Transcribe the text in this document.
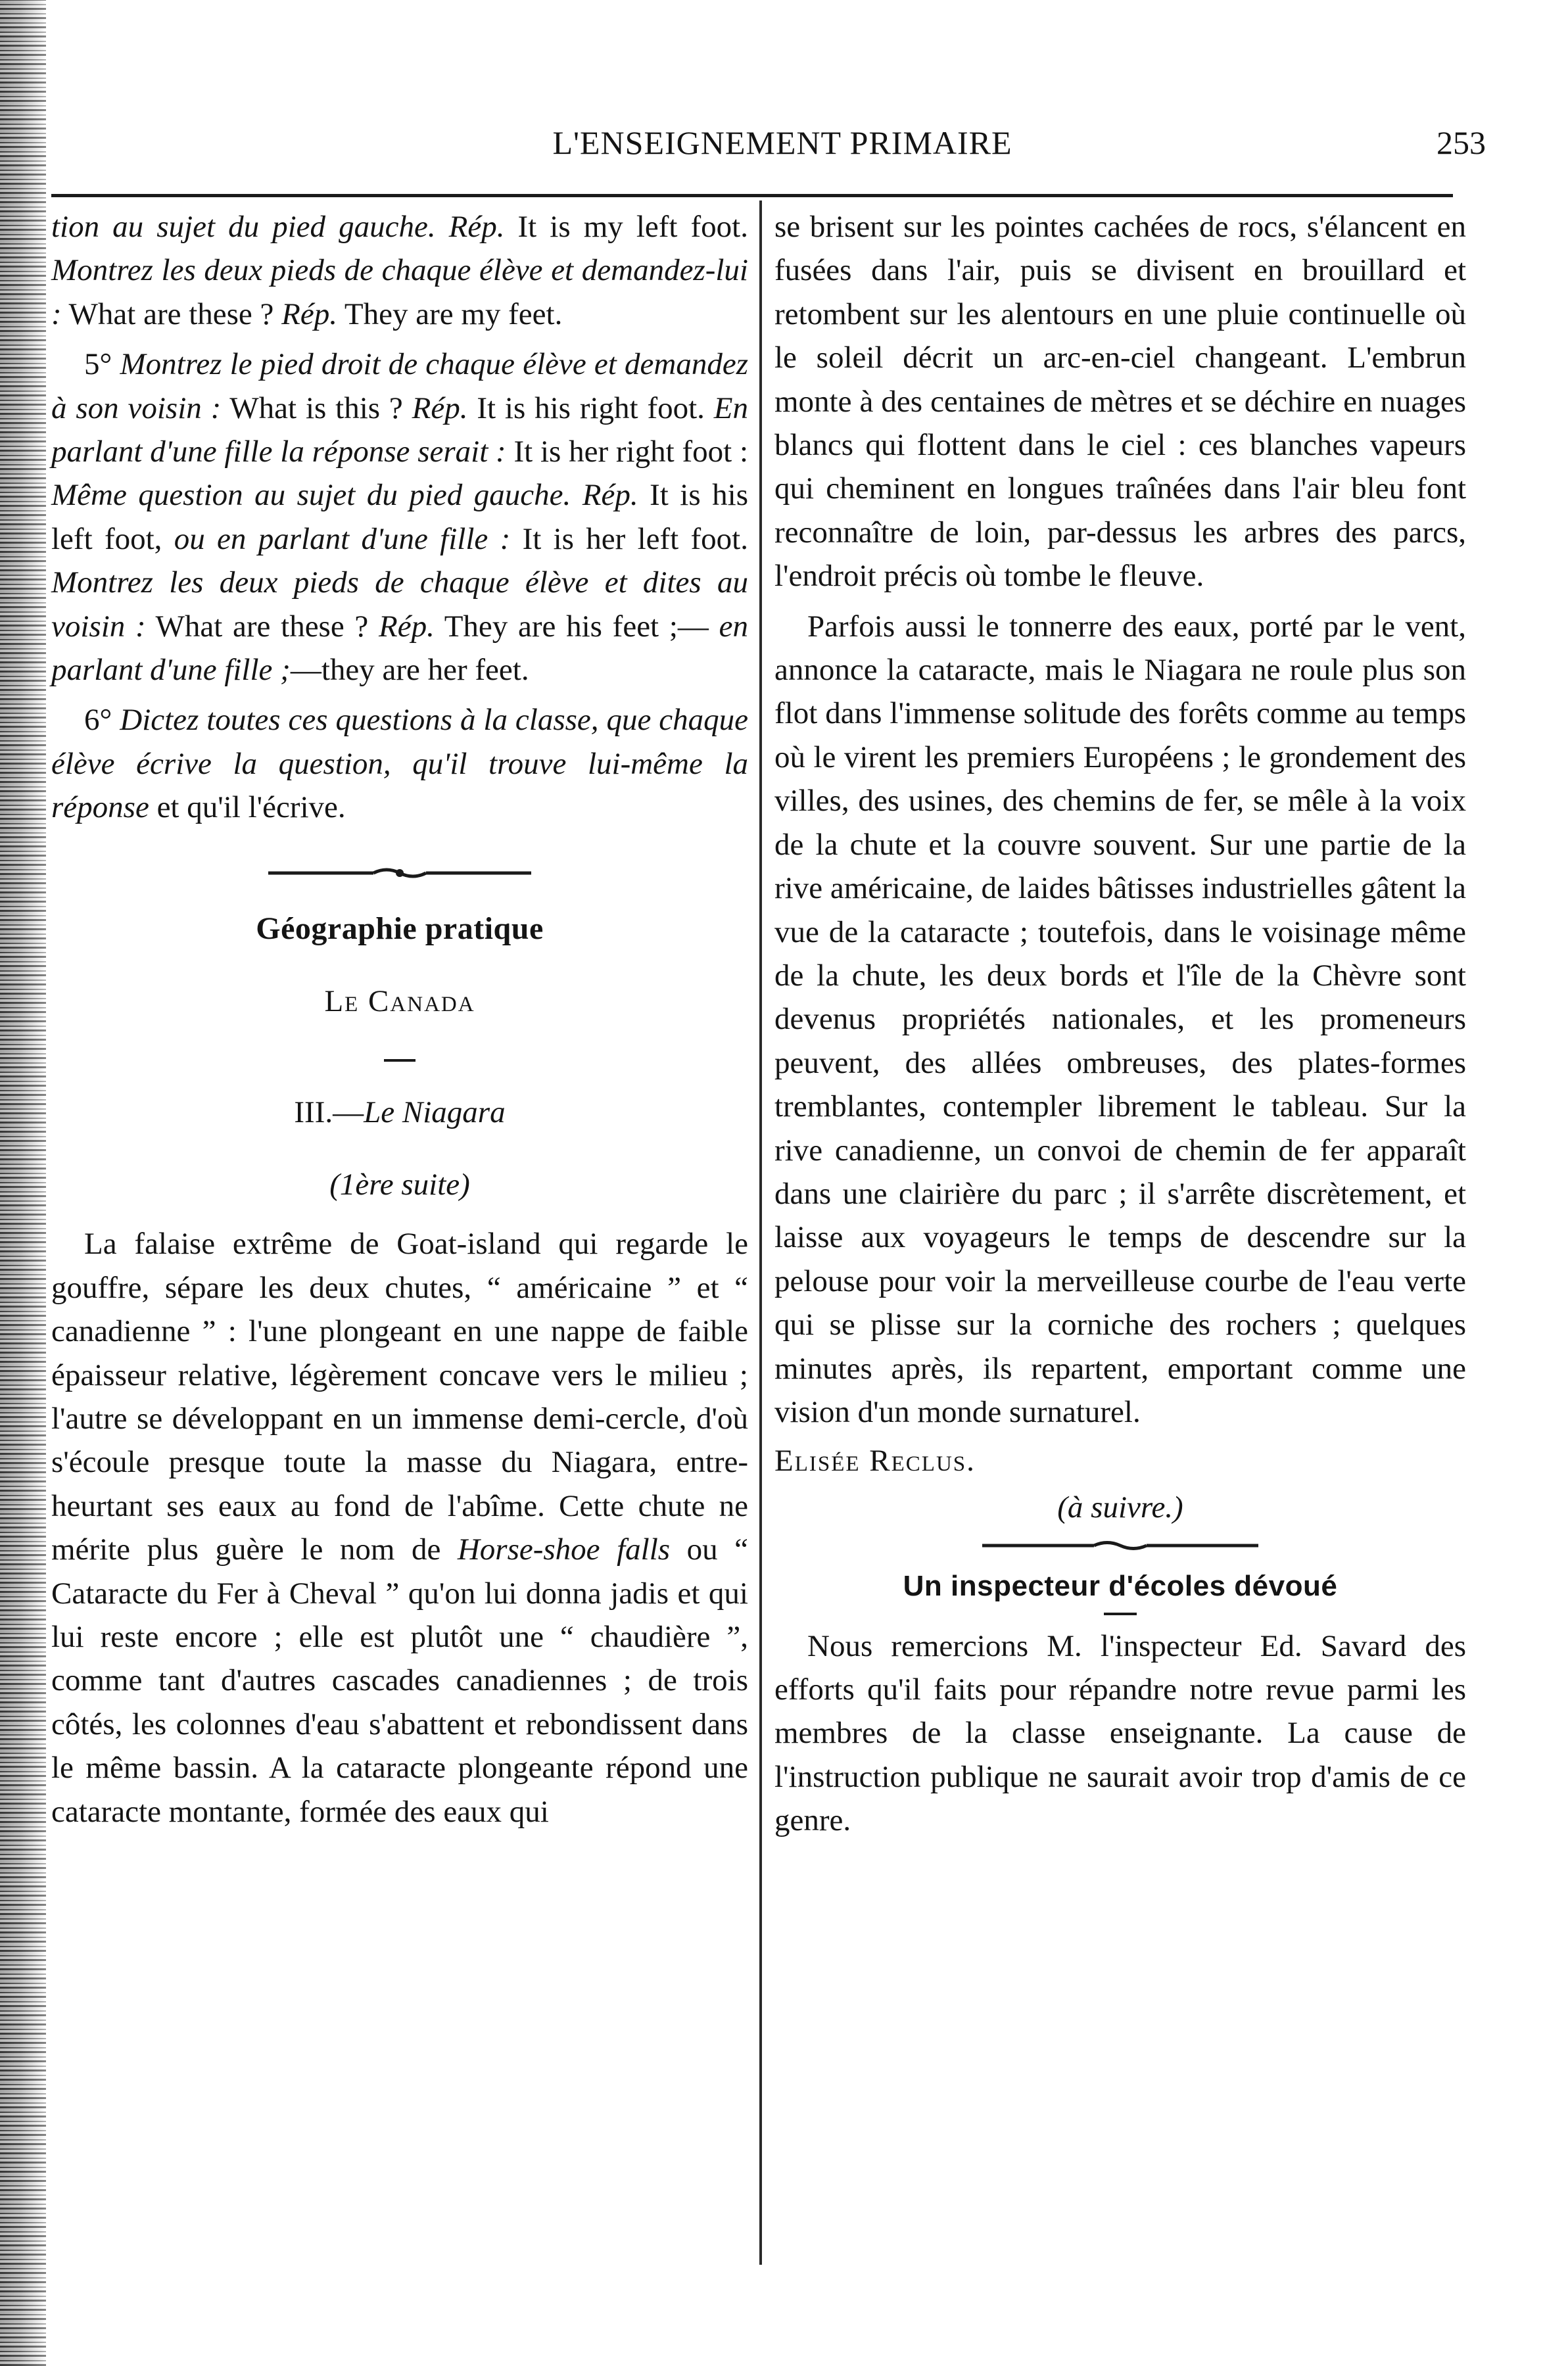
L'ENSEIGNEMENT PRIMAIRE	253

tion au sujet du pied gauche. Rép. It is my left foot. Montrez les deux pieds de chaque élève et demandez-lui : What are these ? Rép. They are my feet.

5° Montrez le pied droit de chaque élève et demandez à son voisin : What is this ? Rép. It is his right foot. En parlant d'une fille la réponse serait : It is her right foot : Même question au sujet du pied gauche. Rép. It is his left foot, ou en parlant d'une fille : It is her left foot. Montrez les deux pieds de chaque élève et dites au voisin : What are these ? Rép. They are his feet ;— en parlant d'une fille ;—they are her feet.

6° Dictez toutes ces questions à la classe, que chaque élève écrive la question, qu'il trouve lui-même la réponse et qu'il l'écrive.

Géographie pratique
Le Canada
III.—Le Niagara
(1ère suite)

La falaise extrême de Goat-island qui regarde le gouffre, sépare les deux chutes, “ américaine ” et “ canadienne ” : l'une plongeant en une nappe de faible épaisseur relative, légèrement concave vers le milieu ; l'autre se développant en un immense demi-cercle, d'où s'écoule presque toute la masse du Niagara, entre-heurtant ses eaux au fond de l'abîme. Cette chute ne mérite plus guère le nom de Horse-shoe falls ou “ Cataracte du Fer à Cheval ” qu'on lui donna jadis et qui lui reste encore ; elle est plutôt une “ chaudière ”, comme tant d'autres cascades canadiennes ; de trois côtés, les colonnes d'eau s'abattent et rebondissent dans le même bassin. A la cataracte plongeante répond une cataracte montante, formée des eaux qui

se brisent sur les pointes cachées de rocs, s'élancent en fusées dans l'air, puis se divisent en brouillard et retombent sur les alentours en une pluie continuelle où le soleil décrit un arc-en-ciel changeant. L'embrun monte à des centaines de mètres et se déchire en nuages blancs qui flottent dans le ciel : ces blanches vapeurs qui cheminent en longues traînées dans l'air bleu font reconnaître de loin, par-dessus les arbres des parcs, l'endroit précis où tombe le fleuve.

Parfois aussi le tonnerre des eaux, porté par le vent, annonce la cataracte, mais le Niagara ne roule plus son flot dans l'immense solitude des forêts comme au temps où le virent les premiers Européens ; le grondement des villes, des usines, des chemins de fer, se mêle à la voix de la chute et la couvre souvent. Sur une partie de la rive américaine, de laides bâtisses industrielles gâtent la vue de la cataracte ; toutefois, dans le voisinage même de la chute, les deux bords et l'île de la Chèvre sont devenus propriétés nationales, et les promeneurs peuvent, des allées ombreuses, des plates-formes tremblantes, contempler librement le tableau. Sur la rive canadienne, un convoi de chemin de fer apparaît dans une clairière du parc ; il s'arrête discrètement, et laisse aux voyageurs le temps de descendre sur la pelouse pour voir la merveilleuse courbe de l'eau verte qui se plisse sur la corniche des rochers ; quelques minutes après, ils repartent, emportant comme une vision d'un monde surnaturel.

Elisée Reclus.

(à suivre.)
Un inspecteur d'écoles dévoué

Nous remercions M. l'inspecteur Ed. Savard des efforts qu'il faits pour répandre notre revue parmi les membres de la classe enseignante. La cause de l'instruction publique ne saurait avoir trop d'amis de ce genre.
